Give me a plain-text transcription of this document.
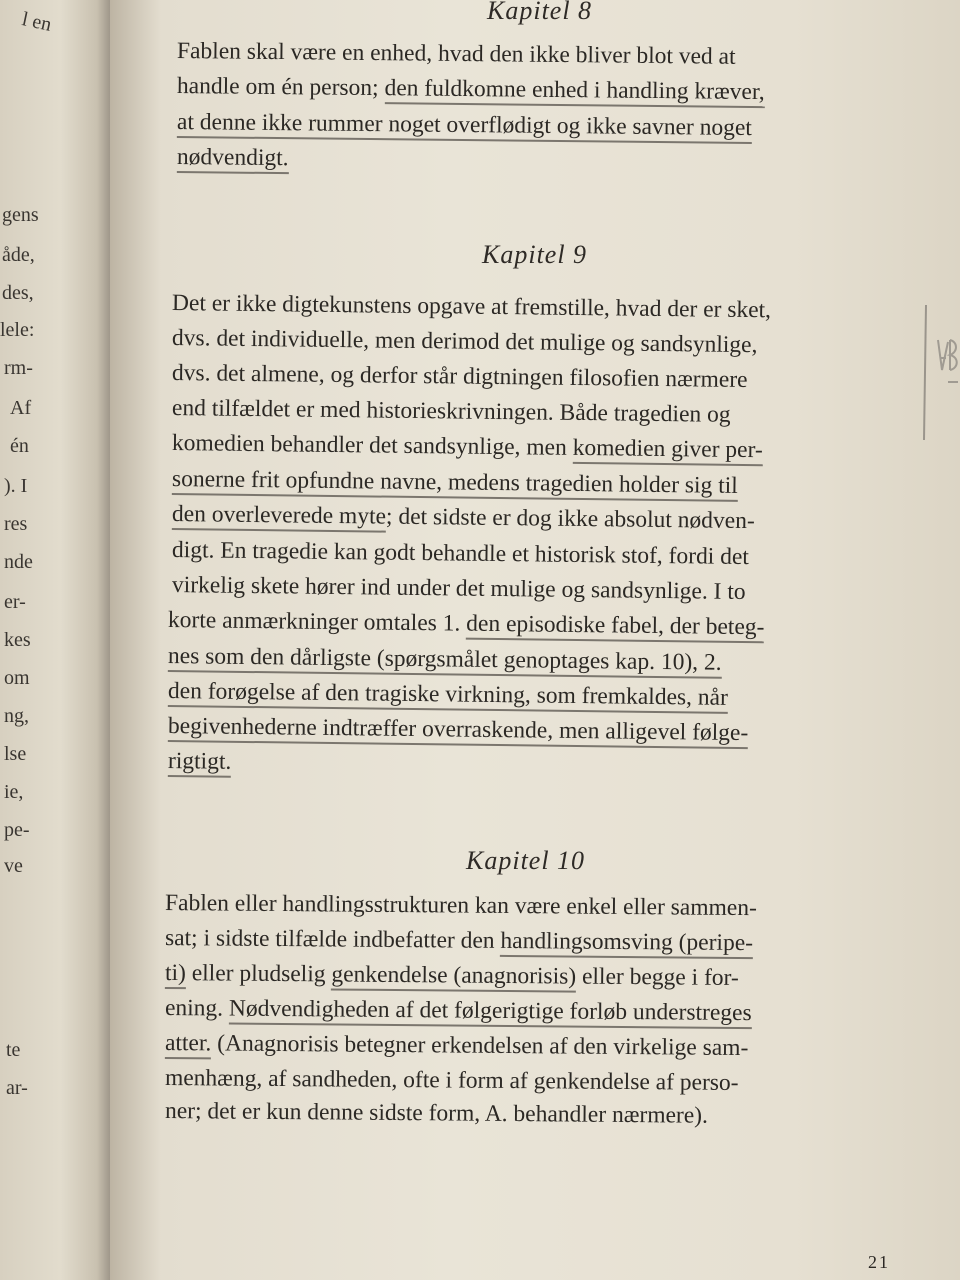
l en
gens
åde,
des,
lele:
rm-
Af
én
). I
res
nde
er-
kes
om
ng,
lse
ie,
pe-
ve
te
ar-
Kapitel 8
Fablen skal være en enhed, hvad den ikke bliver blot ved at
handle om én person; den fuldkomne enhed i handling kræver,
at denne ikke rummer noget overflødigt og ikke savner noget
nødvendigt.
Kapitel 9
Det er ikke digtekunstens opgave at fremstille, hvad der er sket,
dvs. det individuelle, men derimod det mulige og sandsynlige,
dvs. det almene, og derfor står digtningen filosofien nærmere
end tilfældet er med historieskrivningen. Både tragedien og
komedien behandler det sandsynlige, men komedien giver per-
sonerne frit opfundne navne, medens tragedien holder sig til
den overleverede myte; det sidste er dog ikke absolut nødven-
digt. En tragedie kan godt behandle et historisk stof, fordi det
virkelig skete hører ind under det mulige og sandsynlige. I to
korte anmærkninger omtales 1. den episodiske fabel, der beteg-
nes som den dårligste (spørgsmålet genoptages kap. 10), 2.
den forøgelse af den tragiske virkning, som fremkaldes, når
begivenhederne indtræffer overraskende, men alligevel følge-
rigtigt.
Kapitel 10
Fablen eller handlingsstrukturen kan være enkel eller sammen-
sat; i sidste tilfælde indbefatter den handlingsomsving (peripe-
ti) eller pludselig genkendelse (anagnorisis) eller begge i for-
ening. Nødvendigheden af det følgerigtige forløb understreges
atter. (Anagnorisis betegner erkendelsen af den virkelige sam-
menhæng, af sandheden, ofte i form af genkendelse af perso-
ner; det er kun denne sidste form, A. behandler nærmere).
21
